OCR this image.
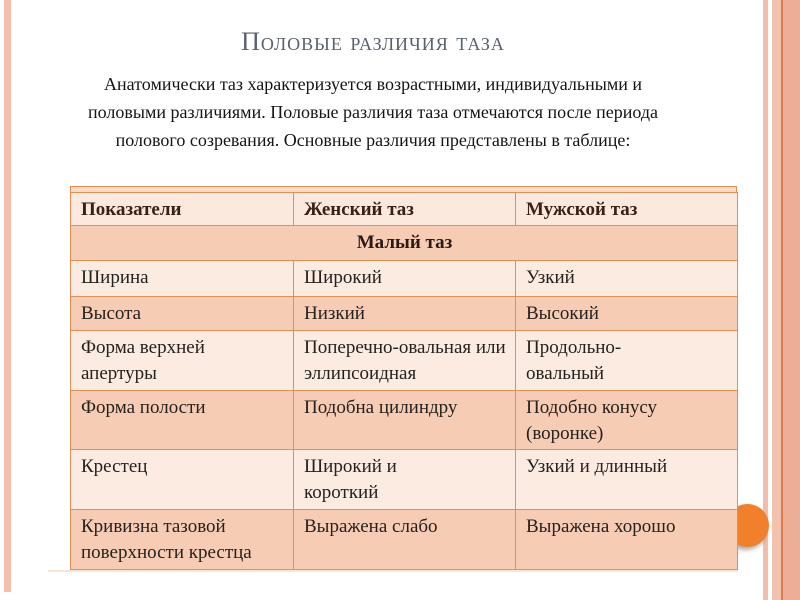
Половые различия таза

Анатомически таз характеризуется возрастными, индивидуальными и половыми различиями. Половые различия таза отмечаются после периода полового созревания. Основные различия представлены в таблице:

Показатели	Женский таз	Мужской таз
Малый таз		
Ширина	Широкий	Узкий
Высота	Низкий	Высокий
Форма верхней апертуры	Поперечно-овальная или эллипсоидная	Продольно-овальный
Форма полости	Подобна цилиндру	Подобно конусу (воронке)
Крестец	Широкий и короткий	Узкий и длинный
Кривизна тазовой поверхности крестца	Выражена слабо	Выражена хорошо
